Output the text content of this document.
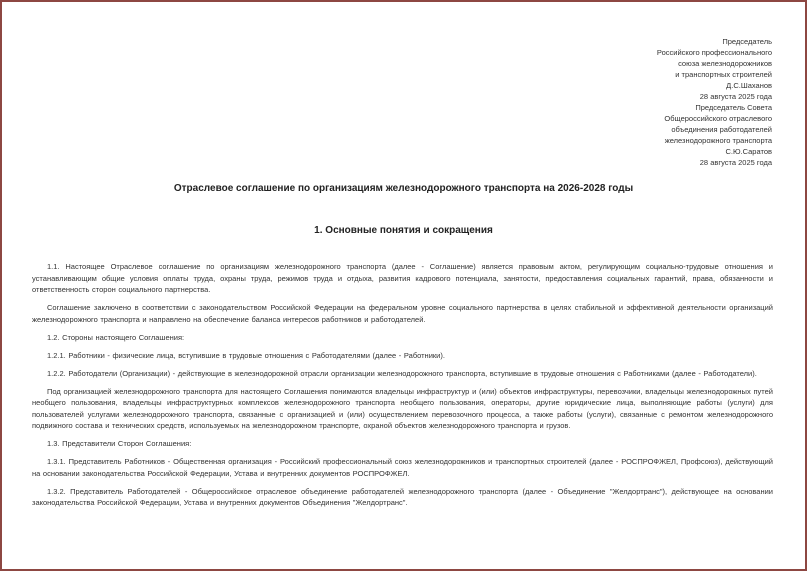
Председатель
Российского профессионального
союза железнодорожников
и транспортных строителей
Д.С.Шаханов
28 августа 2025 года
Председатель Совета
Общероссийского отраслевого
объединения работодателей
железнодорожного транспорта
С.Ю.Саратов
28 августа 2025 года
Отраслевое соглашение по организациям железнодорожного транспорта на 2026-2028 годы
1. Основные понятия и сокращения

1.1. Настоящее Отраслевое соглашение по организациям железнодорожного транспорта (далее - Соглашение) является правовым актом, регулирующим социально-трудовые отношения и устанавливающим общие условия оплаты труда, охраны труда, режимов труда и отдыха, развития кадрового потенциала, занятости, предоставления социальных гарантий, права, обязанности и ответственность сторон социального партнерства.

Соглашение заключено в соответствии с законодательством Российской Федерации на федеральном уровне социального партнерства в целях стабильной и эффективной деятельности организаций железнодорожного транспорта и направлено на обеспечение баланса интересов работников и работодателей.

1.2. Стороны настоящего Соглашения:

1.2.1. Работники - физические лица, вступившие в трудовые отношения с Работодателями (далее - Работники).

1.2.2. Работодатели (Организации) - действующие в железнодорожной отрасли организации железнодорожного транспорта, вступившие в трудовые отношения с Работниками (далее - Работодатели).

Под организацией железнодорожного транспорта для настоящего Соглашения понимаются владельцы инфраструктур и (или) объектов инфраструктуры, перевозчики, владельцы железнодорожных путей необщего пользования, владельцы инфраструктурных комплексов железнодорожного транспорта необщего пользования, операторы, другие юридические лица, выполняющие работы (услуги) для пользователей услугами железнодорожного транспорта, связанные с организацией и (или) осуществлением перевозочного процесса, а также работы (услуги), связанные с ремонтом железнодорожного подвижного состава и технических средств, используемых на железнодорожном транспорте, охраной объектов железнодорожного транспорта и грузов.

1.3. Представители Сторон Соглашения:

1.3.1. Представитель Работников - Общественная организация - Российский профессиональный союз железнодорожников и транспортных строителей (далее - РОСПРОФЖЕЛ, Профсоюз), действующий на основании законодательства Российской Федерации, Устава и внутренних документов РОСПРОФЖЕЛ.

1.3.2. Представитель Работодателей - Общероссийское отраслевое объединение работодателей железнодорожного транспорта (далее - Объединение "Желдортранс"), действующее на основании законодательства Российской Федерации, Устава и внутренних документов Объединения "Желдортранс".
